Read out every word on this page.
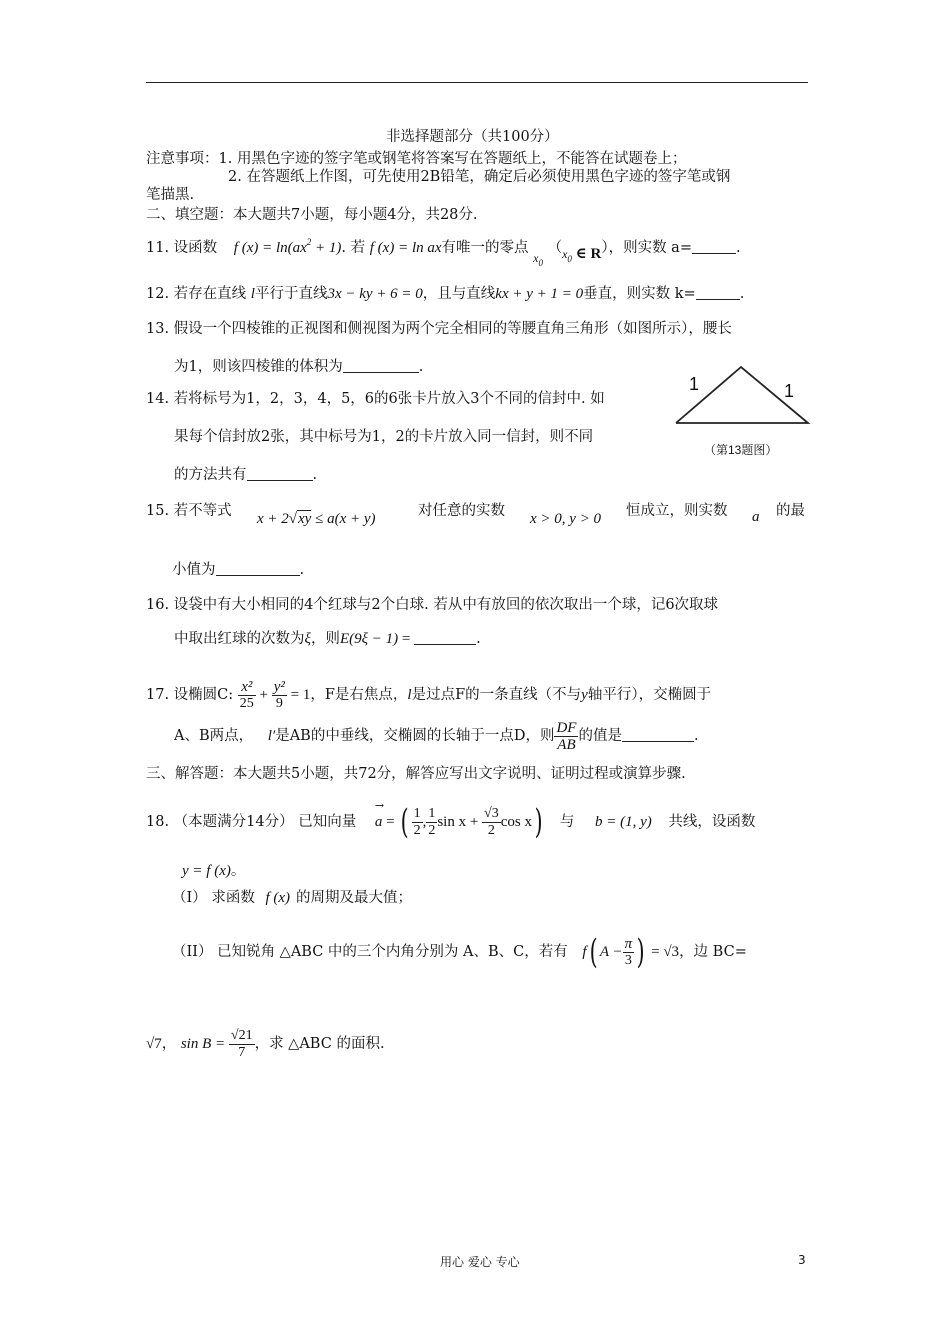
非选择题部分（共100分）
注意事项：1. 用黑色字迹的签字笔或钢笔将答案写在答题纸上，不能答在试题卷上；
2. 在答题纸上作图，可先使用2B铅笔，确定后必须使用黑色字迹的签字笔或钢
笔描黑.
二、填空题：本大题共7小题，每小题4分，共28分.
11. 设函数 f $(x) = \ln(ax^2 + 1)$. 若 f (x) = ln ax有唯一的零点 $_{x_0}$ $(_{x_0 \in R})$，则实数 a=	.
12. 若存在直线 l平行于直线3x − ky + 6 = 0，且与直线kx + y + 1 = 0垂直，则实数 k=	.
13. 假设一个四棱锥的正视图和侧视图为两个完全相同的等腰直角三角形（如图所示），腰长
为1，则该四棱锥的体积为	.
1	1
（第13题图）
14. 若将标号为1，2，3，4，5，6的6张卡片放入3个不同的信封中. 如
果每个信封放2张，其中标号为1，2的卡片放入同一信封，则不同
的方法共有	.
15. 若不等式 x + 2√xy ≤ a(x + y)	对任意的实数 x > 0, y > 0 恒成立，则实数 a 的最
小值为	.
16. 设袋中有大小相同的4个红球与2个白球. 若从中有放回的依次取出一个球，记6次取球
中取出红球的次数为ξ，则E(9ξ − 1) =	.
17. 设椭圆C: $\frac{\text{x²}}{25} + \frac{\text{y²}}{9} = 1$，F是右焦点，l是过点F的一条直线（不与y轴平行），交椭圆于
A、B两点， l′是AB的中垂线，交椭圆的长轴于一点D，则 $\frac{DF}{AB}$ 的值是	.
三、解答题：本大题共5小题，共72分，解答应写出文字说明、证明过程或演算步骤.
18. （本题满分14分） 已知向量
→
a = ( $\frac{1}{2}$ , $\frac{1}{2}$ $\sin x + \frac{√3}{2}$ cos x) 与 b = (1, y) 共线，设函数
y = f (x)。
（I） 求函数 f (x) 的周期及最大值；
（II） 已知锐角 △ABC 中的三个内角分别为 A、B、C，若有 f( $A - \frac{\pi}{3}$ ) = √3，边 BC=
√7， $\sin B = \frac{√21}{7}$ ，求 △ABC 的面积.
用心 爱心 专心	3
